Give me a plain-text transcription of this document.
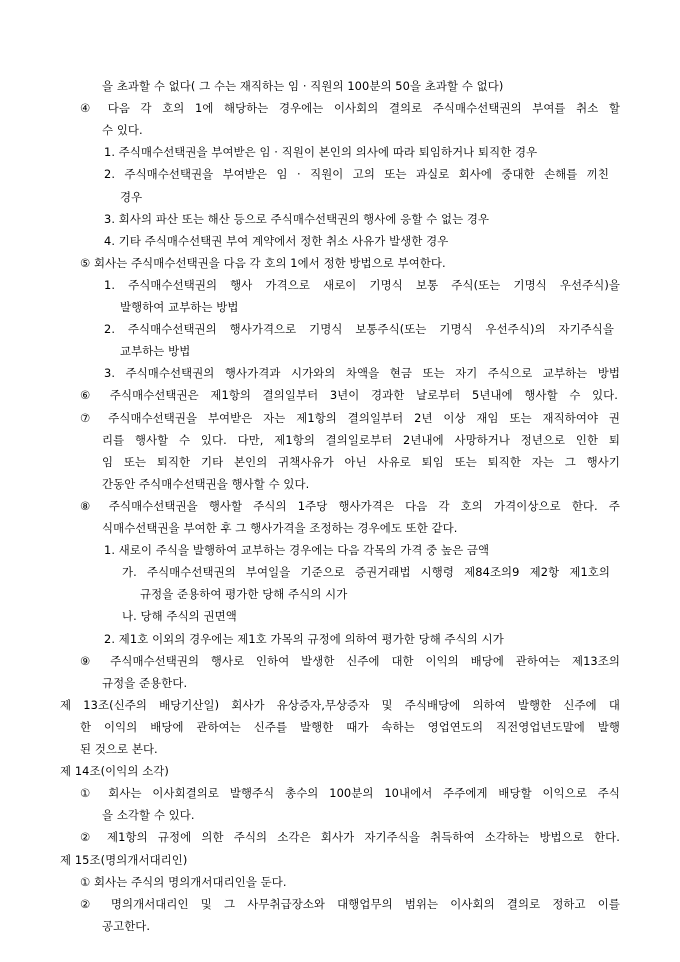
을 초과할 수 없다( 그 수는 재직하는 임 · 직원의 100분의 50을 초과할 수 없다)
④ 다음 각 호의 1에 해당하는 경우에는 이사회의 결의로 주식매수선택권의 부여를 취소 할
수 있다.
1. 주식매수선택권을 부여받은 임 · 직원이 본인의 의사에 따라 퇴임하거나 퇴직한 경우
2. 주식매수선택권을 부여받은 임 · 직원이 고의 또는 과실로 회사에 중대한 손해를 끼친
경우
3. 회사의 파산 또는 해산 등으로 주식매수선택권의 행사에 응할 수 없는 경우
4. 기타 주식매수선택권 부여 계약에서 정한 취소 사유가 발생한 경우
⑤ 회사는 주식매수선택권을 다음 각 호의 1에서 정한 방법으로 부여한다.
1. 주식매수선택권의 행사 가격으로 새로이 기명식 보통 주식(또는 기명식 우선주식)을
발행하여 교부하는 방법
2. 주식매수선택권의 행사가격으로 기명식 보통주식(또는 기명식 우선주식)의 자기주식을
교부하는 방법
3. 주식매수선택권의 행사가격과 시가와의 차액을 현금 또는 자기 주식으로 교부하는 방법
⑥ 주식매수선택권은 제1항의 결의일부터 3년이 경과한 날로부터 5년내에 행사할 수 있다.
⑦ 주식매수선택권을 부여받은 자는 제1항의 결의일부터 2년 이상 재임 또는 재직하여야 권
리를 행사할 수 있다. 다만, 제1항의 결의일로부터 2년내에 사망하거나 정년으로 인한 퇴
임 또는 퇴직한 기타 본인의 귀책사유가 아닌 사유로 퇴임 또는 퇴직한 자는 그 행사기
간동안 주식매수선택권을 행사할 수 있다.
⑧ 주식매수선택권을 행사할 주식의 1주당 행사가격은 다음 각 호의 가격이상으로 한다. 주
식매수선택권을 부여한 후 그 행사가격을 조정하는 경우에도 또한 같다.
1. 새로이 주식을 발행하여 교부하는 경우에는 다음 각목의 가격 중 높은 금액
가. 주식매수선택권의 부여일을 기준으로 증권거래법 시행령 제84조의9 제2항 제1호의
규정을 준용하여 평가한 당해 주식의 시가
나. 당해 주식의 권면액
2. 제1호 이외의 경우에는 제1호 가목의 규정에 의하여 평가한 당해 주식의 시가
⑨ 주식매수선택권의 행사로 인하여 발생한 신주에 대한 이익의 배당에 관하여는 제13조의
규정을 준용한다.
제 13조(신주의 배당기산일) 회사가 유상증자,무상증자 및 주식배당에 의하여 발행한 신주에 대
한 이익의 배당에 관하여는 신주를 발행한 때가 속하는 영업연도의 직전영업년도말에 발행
된 것으로 본다.
제 14조(이익의 소각)
① 회사는 이사회결의로 발행주식 총수의 100분의 10내에서 주주에게 배당할 이익으로 주식
을 소각할 수 있다.
② 제1항의 규정에 의한 주식의 소각은 회사가 자기주식을 취득하여 소각하는 방법으로 한다.
제 15조(명의개서대리인)
① 회사는 주식의 명의개서대리인을 둔다.
② 명의개서대리인 및 그 사무취급장소와 대행업무의 범위는 이사회의 결의로 정하고 이를
공고한다.
